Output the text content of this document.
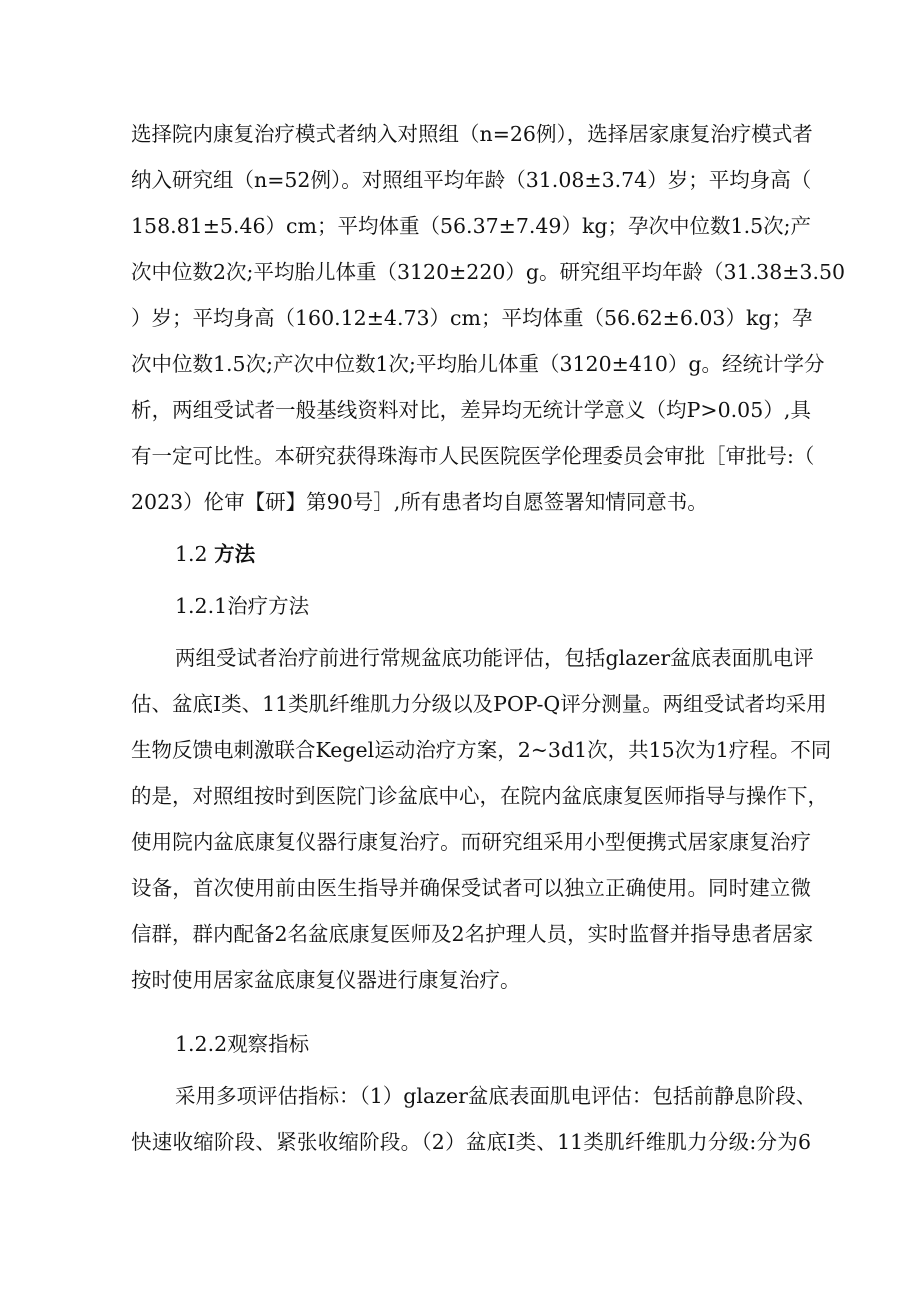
选择院内康复治疗模式者纳入对照组（n=26例），选择居家康复治疗模式者
纳入研究组（n=52例）。对照组平均年龄（31.08±3.74）岁；平均身高（
158.81±5.46）cm；平均体重（56.37±7.49）kg；孕次中位数1.5次;产
次中位数2次;平均胎儿体重（3120±220）g。研究组平均年龄（31.38±3.50
）岁；平均身高（160.12±4.73）cm；平均体重（56.62±6.03）kg；孕
次中位数1.5次;产次中位数1次;平均胎儿体重（3120±410）g。经统计学分
析，两组受试者一般基线资料对比，差异均无统计学意义（均P>0.05）,具
有一定可比性。本研究获得珠海市人民医院医学伦理委员会审批［审批号:（
2023）伦审【研】第90号］,所有患者均自愿签署知情同意书。
1.2 方法
1.2.1治疗方法
两组受试者治疗前进行常规盆底功能评估，包括glazer盆底表面肌电评
估、盆底I类、11类肌纤维肌力分级以及POP-Q评分测量。两组受试者均采用
生物反馈电刺激联合Kegel运动治疗方案，2~3d1次，共15次为1疗程。不同
的是，对照组按时到医院门诊盆底中心，在院内盆底康复医师指导与操作下，
使用院内盆底康复仪器行康复治疗。而研究组采用小型便携式居家康复治疗
设备，首次使用前由医生指导并确保受试者可以独立正确使用。同时建立微
信群，群内配备2名盆底康复医师及2名护理人员，实时监督并指导患者居家
按时使用居家盆底康复仪器进行康复治疗。
1.2.2观察指标
采用多项评估指标：（1）glazer盆底表面肌电评估：包括前静息阶段、
快速收缩阶段、紧张收缩阶段。（2）盆底I类、11类肌纤维肌力分级:分为6
